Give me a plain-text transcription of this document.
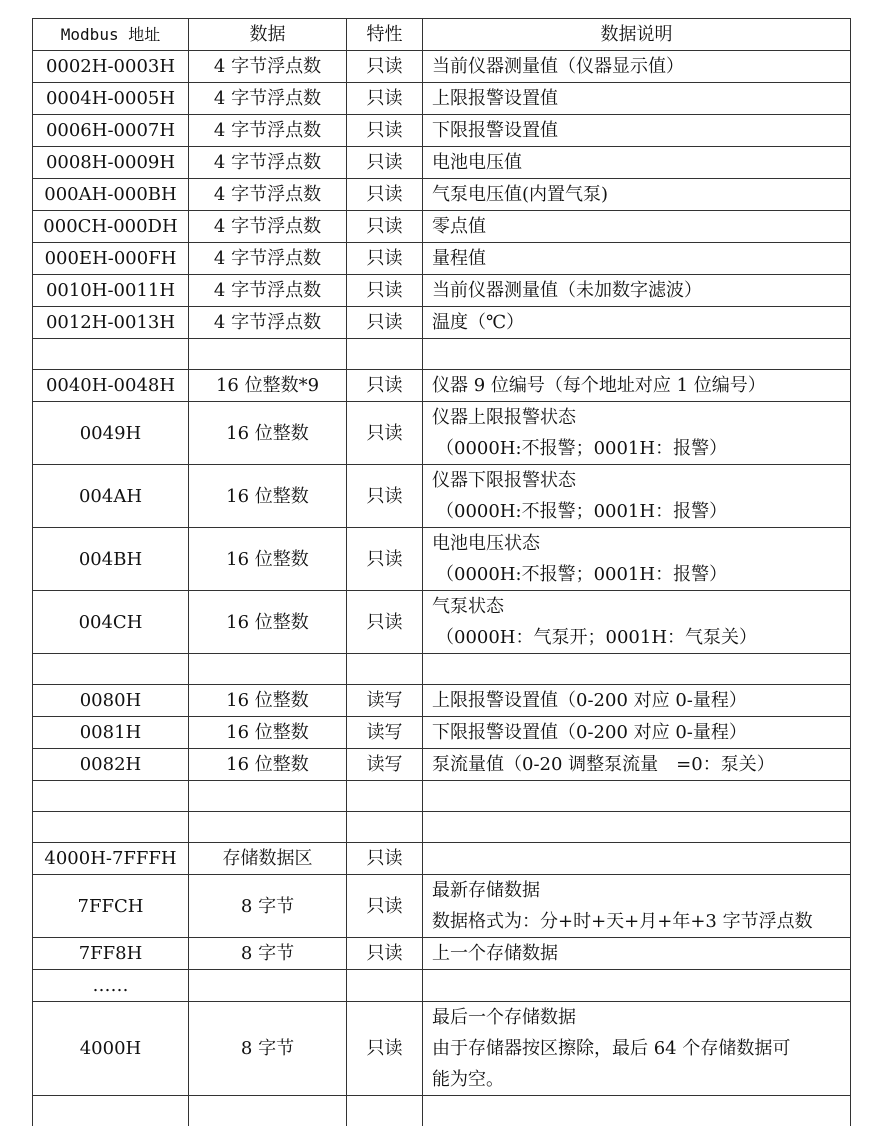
Modbus 地址	数据	特性	数据说明
0002H-0003H	4 字节浮点数	只读	当前仪器测量值（仪器显示值）

0004H-0005H	4 字节浮点数	只读	上限报警设置值

0006H-0007H	4 字节浮点数	只读	下限报警设置值

0008H-0009H	4 字节浮点数	只读	电池电压值

000AH-000BH	4 字节浮点数	只读	气泵电压值(内置气泵)

000CH-000DH	4 字节浮点数	只读	零点值

000EH-000FH	4 字节浮点数	只读	量程值

0010H-0011H	4 字节浮点数	只读	当前仪器测量值（未加数字滤波）

0012H-0013H	4 字节浮点数	只读	温度（℃）

0040H-0048H	16 位整数*9	只读	仪器 9 位编号（每个地址对应 1 位编号）

0049H	16 位整数	只读	仪器上限报警状态
（0000H:不报警；0001H：报警）

004AH	16 位整数	只读	仪器下限报警状态
（0000H:不报警；0001H：报警）

004BH	16 位整数	只读	电池电压状态
（0000H:不报警；0001H：报警）

004CH	16 位整数	只读	气泵状态
（0000H：气泵开；0001H：气泵关）

0080H	16 位整数	读写	上限报警设置值（0-200 对应 0-量程）

0081H	16 位整数	读写	下限报警设置值（0-200 对应 0-量程）

0082H	16 位整数	读写	泵流量值（0-20 调整泵流量　=0：泵关）

4000H-7FFFH	存储数据区	只读	
7FFCH	8 字节	只读	最新存储数据
数据格式为：分+时+天+月+年+3 字节浮点数

7FF8H	8 字节	只读	上一个存储数据

……			
4000H	8 字节	只读	最后一个存储数据
由于存储器按区擦除，最后 64 个存储数据可
能为空。
